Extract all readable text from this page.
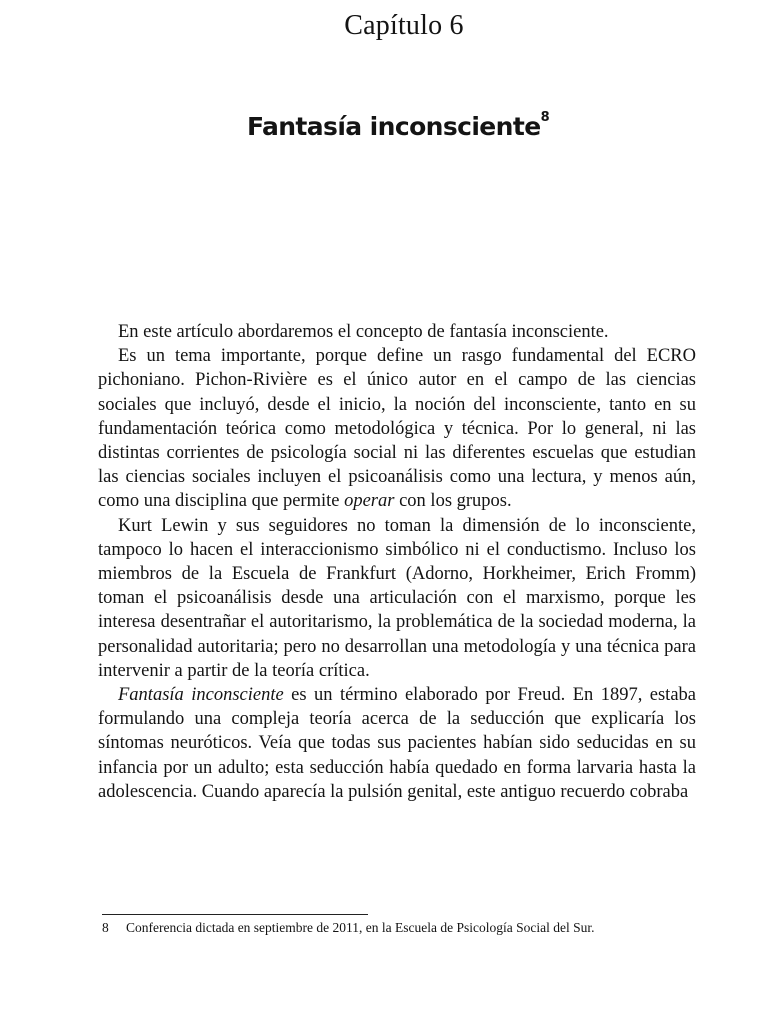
Capítulo 6
Fantasía inconsciente$^8$

En este artículo abordaremos el concepto de fantasía inconsciente.

Es un tema importante, porque define un rasgo fundamental del ECRO pichoniano. Pichon-Rivière es el único autor en el campo de las ciencias sociales que incluyó, desde el inicio, la noción del inconsciente, tanto en su fundamentación teórica como metodológica y técnica. Por lo general, ni las distintas corrientes de psicología social ni las diferentes escuelas que estudian las ciencias sociales incluyen el psicoanálisis como una lectura, y menos aún, como una disciplina que permite operar con los grupos.

Kurt Lewin y sus seguidores no toman la dimensión de lo inconsciente, tampoco lo hacen el interaccionismo simbólico ni el conductismo. Incluso los miembros de la Escuela de Frankfurt (Adorno, Horkheimer, Erich Fromm) toman el psicoanálisis desde una articulación con el marxismo, porque les interesa desentrañar el autoritarismo, la problemática de la sociedad moderna, la personalidad autoritaria; pero no desarrollan una metodología y una técnica para intervenir a partir de la teoría crítica.

Fantasía inconsciente es un término elaborado por Freud. En 1897, estaba formulando una compleja teoría acerca de la seducción que explicaría los síntomas neuróticos. Veía que todas sus pacientes habían sido seducidas en su infancia por un adulto; esta seducción había quedado en forma larvaria hasta la adolescencia. Cuando aparecía la pulsión genital, este antiguo recuerdo cobraba

8	Conferencia dictada en septiembre de 2011, en la Escuela de Psicología Social del Sur.
